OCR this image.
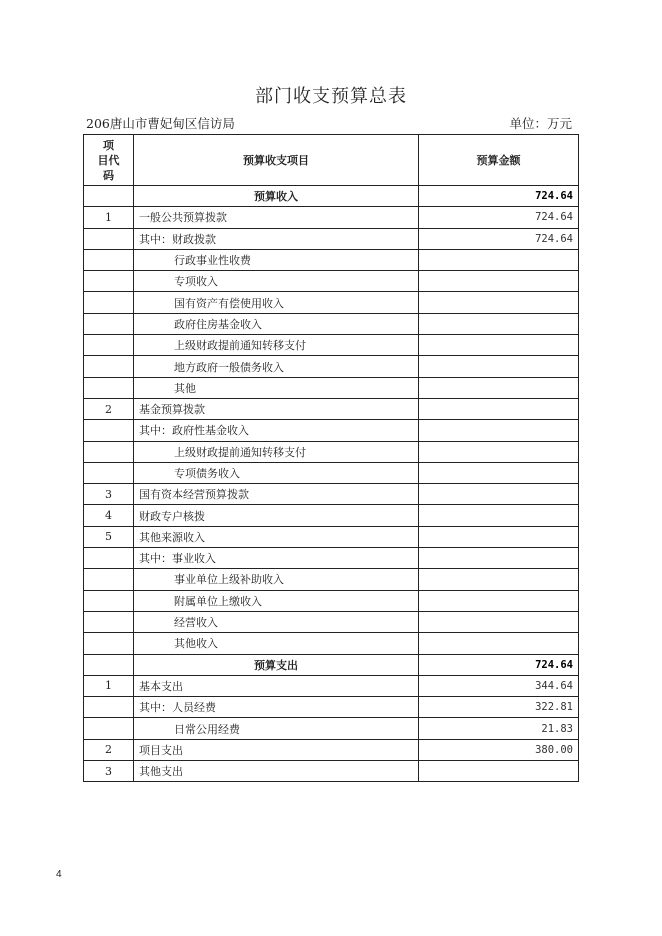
部门收支预算总表
206唐山市曹妃甸区信访局	单位：万元
项
目代
码	预算收支项目	预算金额
	预算收入	724.64
1	一般公共预算拨款	724.64
	其中：财政拨款	724.64
	行政事业性收费	
	专项收入	
	国有资产有偿使用收入	
	政府住房基金收入	
	上级财政提前通知转移支付	
	地方政府一般债务收入	
	其他	
2	基金预算拨款	
	其中：政府性基金收入	
	上级财政提前通知转移支付	
	专项债务收入	
3	国有资本经营预算拨款	
4	财政专户核拨	
5	其他来源收入	
	其中：事业收入	
	事业单位上级补助收入	
	附属单位上缴收入	
	经营收入	
	其他收入	
	预算支出	724.64
1	基本支出	344.64
	其中：人员经费	322.81
	日常公用经费	21.83
2	项目支出	380.00
3	其他支出	
4
